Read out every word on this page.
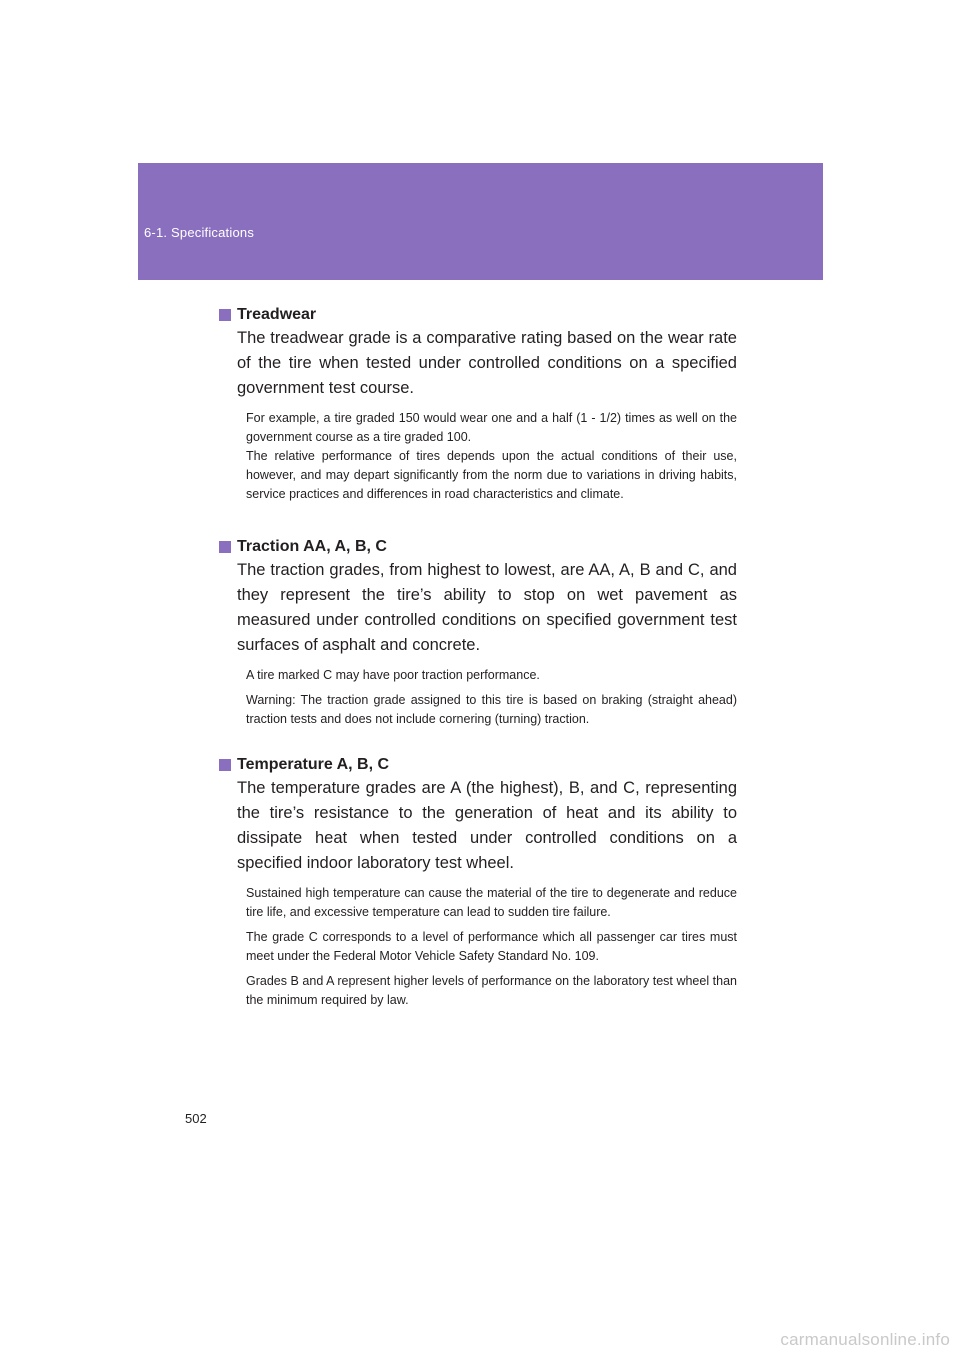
6-1. Specifications
Treadwear

The treadwear grade is a comparative rating based on the wear rate of the tire when tested under controlled conditions on a specified government test course.

For example, a tire graded 150 would wear one and a half (1 - 1/2) times as well on the government course as a tire graded 100.

The relative performance of tires depends upon the actual conditions of their use, however, and may depart significantly from the norm due to variations in driving habits, service practices and differences in road characteristics and climate.

Traction AA, A, B, C

The traction grades, from highest to lowest, are AA, A, B and C, and they represent the tire’s ability to stop on wet pavement as measured under controlled conditions on specified government test surfaces of asphalt and concrete.

A tire marked C may have poor traction performance.

Warning: The traction grade assigned to this tire is based on braking (straight ahead) traction tests and does not include cornering (turning) traction.

Temperature A, B, C

The temperature grades are A (the highest), B, and C, representing the tire’s resistance to the generation of heat and its ability to dissipate heat when tested under controlled conditions on a specified indoor laboratory test wheel.

Sustained high temperature can cause the material of the tire to degenerate and reduce tire life, and excessive temperature can lead to sudden tire failure.

The grade C corresponds to a level of performance which all passenger car tires must meet under the Federal Motor Vehicle Safety Standard No. 109.

Grades B and A represent higher levels of performance on the laboratory test wheel than the minimum required by law.

502
carmanualsonline.info
